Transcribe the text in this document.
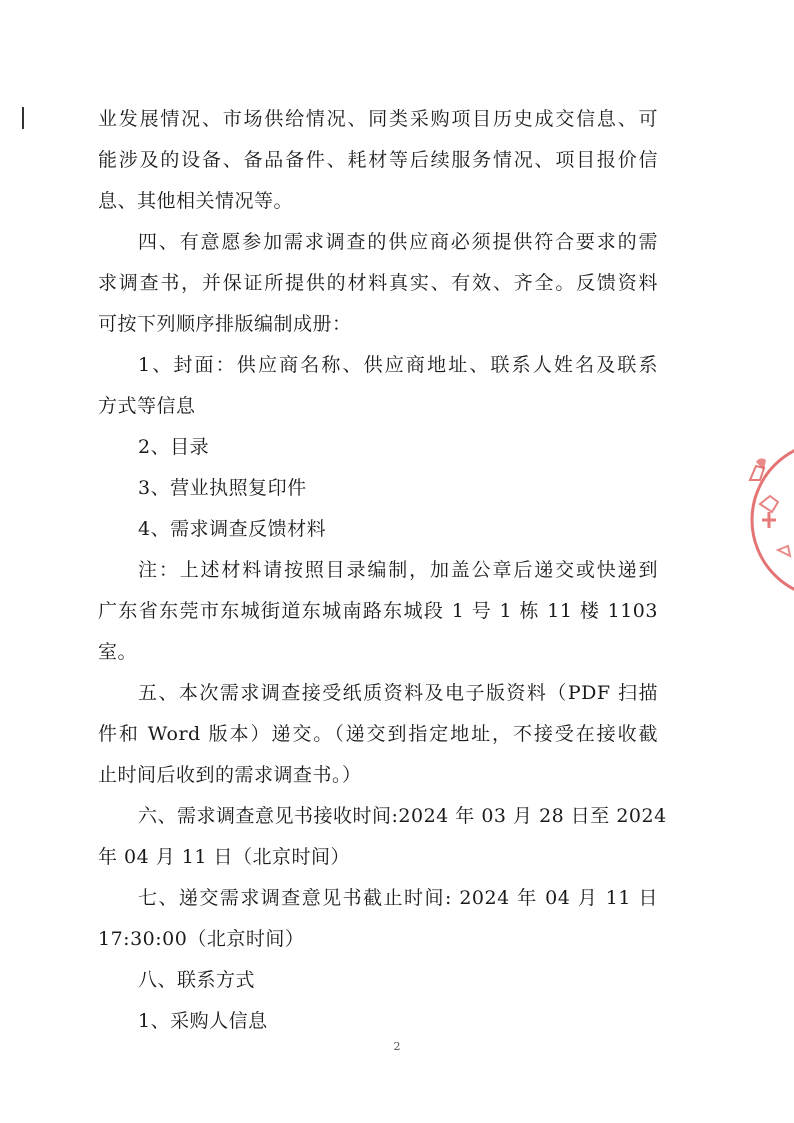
业发展情况、市场供给情况、同类采购项目历史成交信息、可
能涉及的设备、备品备件、耗材等后续服务情况、项目报价信
息、其他相关情况等。
四、有意愿参加需求调查的供应商必须提供符合要求的需
求调查书，并保证所提供的材料真实、有效、齐全。反馈资料
可按下列顺序排版编制成册：
1、封面：供应商名称、供应商地址、联系人姓名及联系
方式等信息
2、目录
3、营业执照复印件
4、需求调查反馈材料
注：上述材料请按照目录编制，加盖公章后递交或快递到
广东省东莞市东城街道东城南路东城段 1 号 1 栋 11 楼 1103
室。
五、本次需求调查接受纸质资料及电子版资料（PDF 扫描
件和 Word 版本）递交。（递交到指定地址，不接受在接收截
止时间后收到的需求调查书。）
六、需求调查意见书接收时间:2024 年 03 月 28 日至 2024
年 04 月 11 日（北京时间）
七、递交需求调查意见书截止时间: 2024 年 04 月 11 日
17:30:00（北京时间）
八、联系方式
1、采购人信息
2
